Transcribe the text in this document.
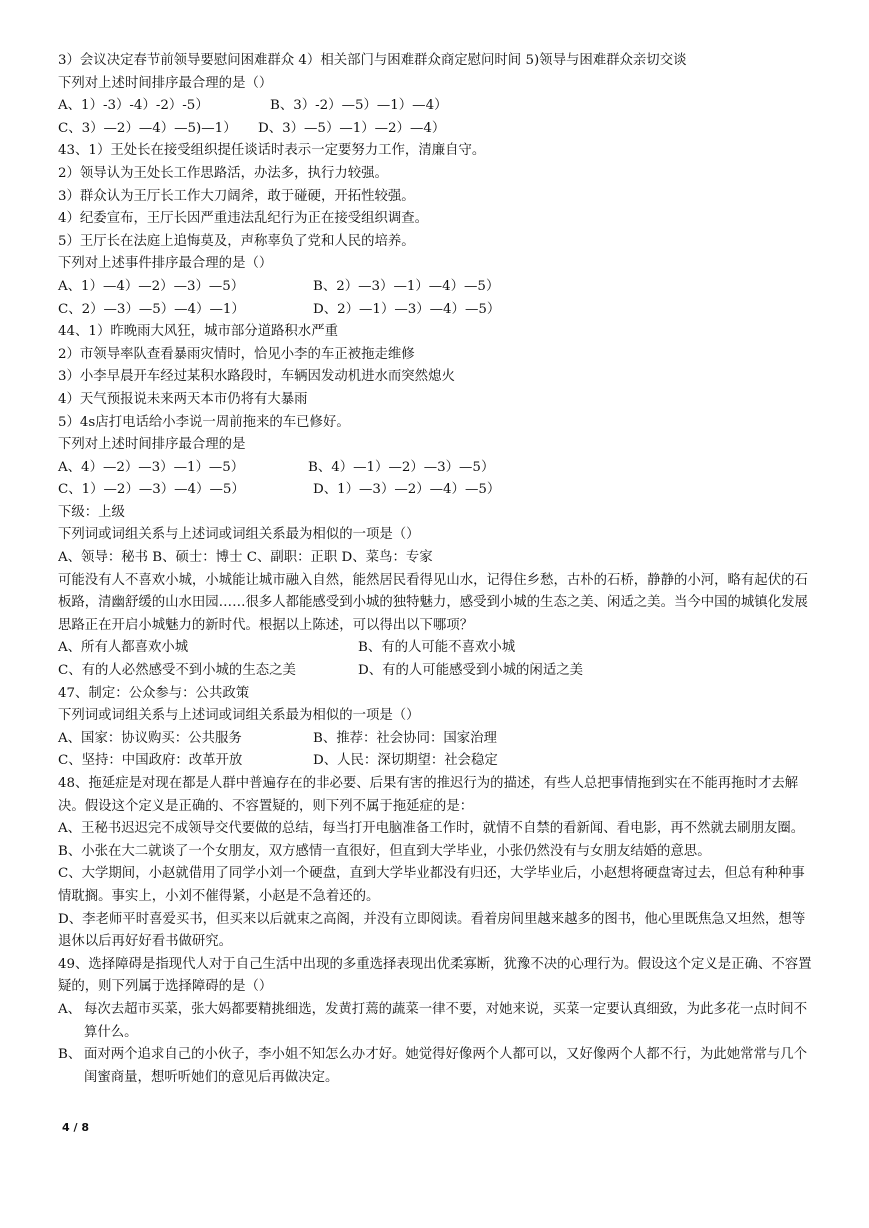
3）会议决定春节前领导要慰问困难群众 4）相关部门与困难群众商定慰问时间 5)领导与困难群众亲切交谈
下列对上述时间排序最合理的是（）
A、1）-3）-4）-2）-5）	B、3）-2）—5）—1）—4）
C、3）—2）—4）—5)—1）	D、3）—5）—1）—2）—4）
43、1）王处长在接受组织提任谈话时表示一定要努力工作，清廉自守。
2）领导认为王处长工作思路活，办法多，执行力较强。
3）群众认为王厅长工作大刀阔斧，敢于碰硬，开拓性较强。
4）纪委宣布，王厅长因严重违法乱纪行为正在接受组织调查。
5）王厅长在法庭上追悔莫及，声称辜负了党和人民的培养。
下列对上述事件排序最合理的是（）
A、1）—4）—2）—3）—5）	B、2）—3）—1）—4）—5）
C、2）—3）—5）—4）—1）	D、2）—1）—3）—4）—5）
44、1）昨晚雨大风狂，城市部分道路积水严重
2）市领导率队查看暴雨灾情时，恰见小李的车正被拖走维修
3）小李早晨开车经过某积水路段时，车辆因发动机进水而突然熄火
4）天气预报说未来两天本市仍将有大暴雨
5）4s店打电话给小李说一周前拖来的车已修好。
下列对上述时间排序最合理的是
A、4）—2）—3）—1）—5）	B、4）—1）—2）—3）—5）
C、1）—2）—3）—4）—5）	D、1）—3）—2）—4）—5）
下级：上级
下列词或词组关系与上述词或词组关系最为相似的一项是（）
A、领导：秘书 B、硕士：博士 C、副职：正职 D、菜鸟：专家
可能没有人不喜欢小城，小城能让城市融入自然，能然居民看得见山水，记得住乡愁，古朴的石桥，静静的小河，略有起伏的石板路，清幽舒缓的山水田园……很多人都能感受到小城的独特魅力，感受到小城的生态之美、闲适之美。当今中国的城镇化发展思路正在开启小城魅力的新时代。根据以上陈述，可以得出以下哪项？
A、所有人都喜欢小城	B、有的人可能不喜欢小城
C、有的人必然感受不到小城的生态之美	D、有的人可能感受到小城的闲适之美
47、制定：公众参与：公共政策
下列词或词组关系与上述词或词组关系最为相似的一项是（）
A、国家：协议购买：公共服务	B、推荐：社会协同：国家治理
C、坚持：中国政府：改革开放	D、人民：深切期望：社会稳定
48、拖延症是对现在都是人群中普遍存在的非必要、后果有害的推迟行为的描述，有些人总把事情拖到实在不能再拖时才去解决。假设这个定义是正确的、不容置疑的，则下列不属于拖延症的是：
A、王秘书迟迟完不成领导交代要做的总结，每当打开电脑准备工作时，就情不自禁的看新闻、看电影，再不然就去刷朋友圈。
B、小张在大二就谈了一个女朋友，双方感情一直很好，但直到大学毕业，小张仍然没有与女朋友结婚的意思。
C、大学期间，小赵就借用了同学小刘一个硬盘，直到大学毕业都没有归还，大学毕业后，小赵想将硬盘寄过去，但总有种种事情耽搁。事实上，小刘不催得紧，小赵是不急着还的。
D、李老师平时喜爱买书，但买来以后就束之高阁，并没有立即阅读。看着房间里越来越多的图书，他心里既焦急又坦然，想等退休以后再好好看书做研究。
49、选择障碍是指现代人对于自己生活中出现的多重选择表现出优柔寡断，犹豫不决的心理行为。假设这个定义是正确、不容置疑的，则下列属于选择障碍的是（）
A、 每次去超市买菜，张大妈都要精挑细选，发黄打蔫的蔬菜一律不要，对她来说，买菜一定要认真细致，为此多花一点时间不算什么。
B、 面对两个追求自己的小伙子，李小姐不知怎么办才好。她觉得好像两个人都可以，又好像两个人都不行，为此她常常与几个闺蜜商量，想听听她们的意见后再做决定。
4 / 8
